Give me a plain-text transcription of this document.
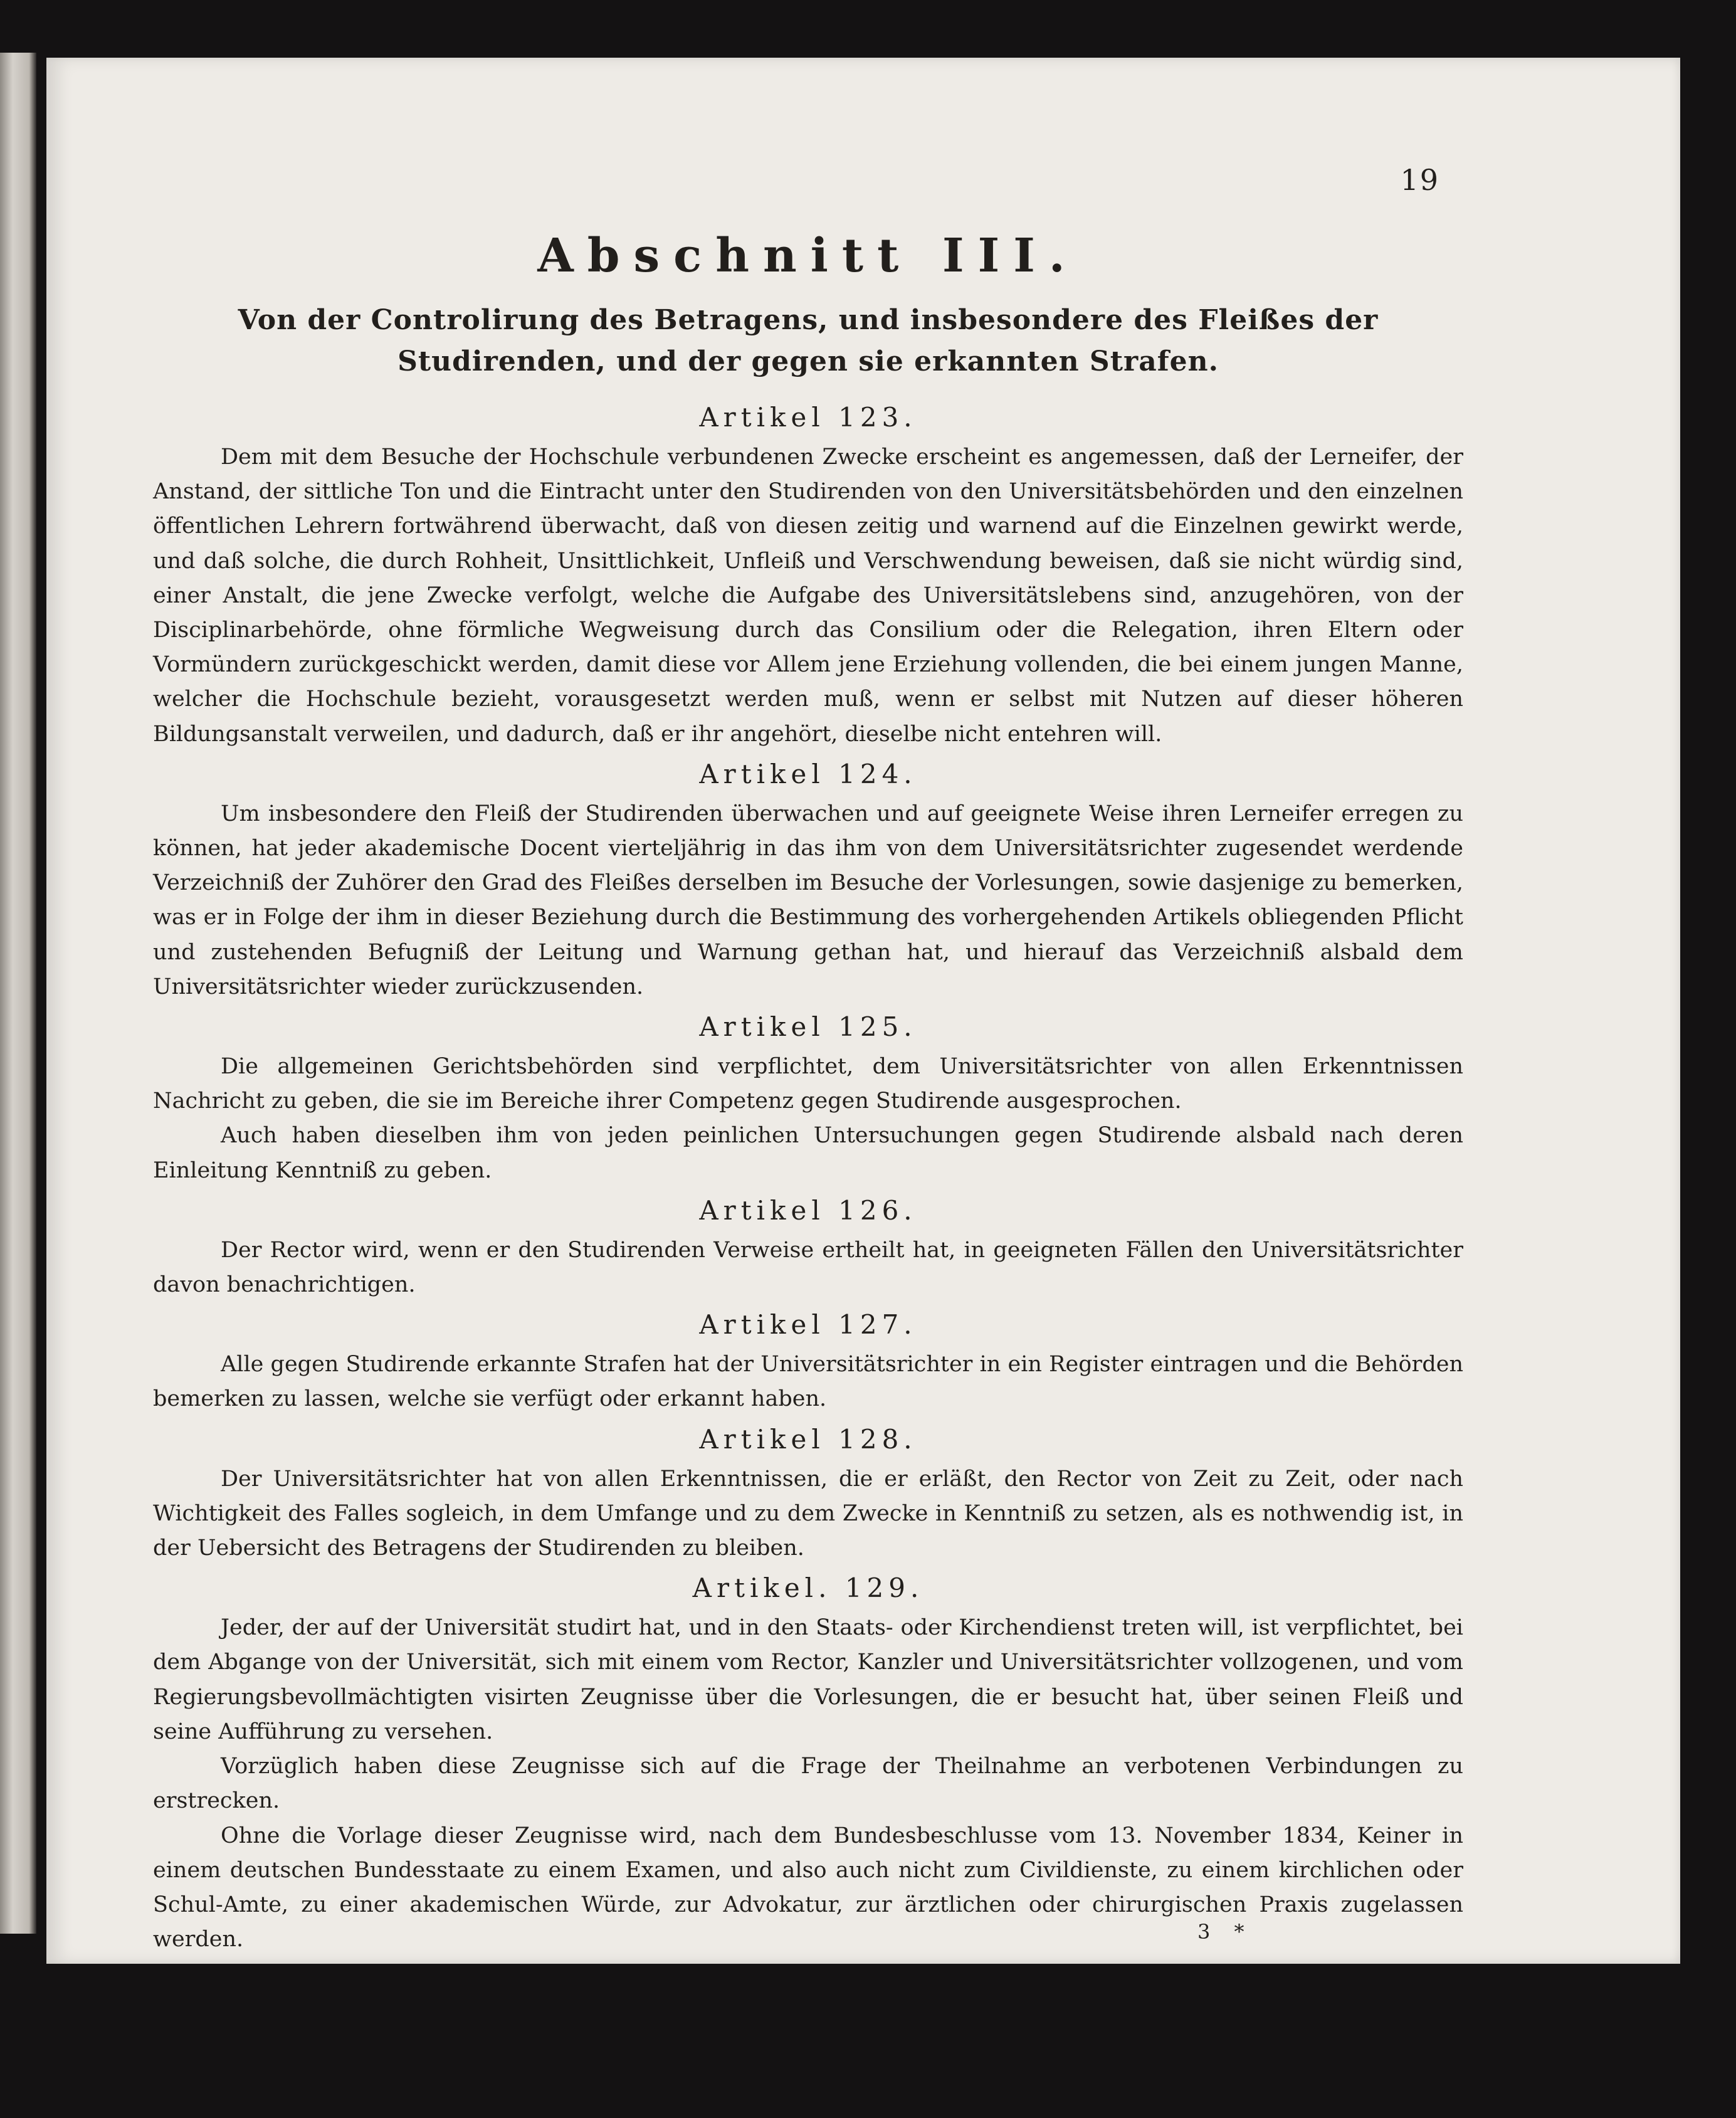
19
Abschnitt III.
Von der Controlirung des Betragens, und insbesondere des Fleißes der Studirenden, und der gegen sie erkannten Strafen.
Artikel 123.

Dem mit dem Besuche der Hochschule verbundenen Zwecke erscheint es angemessen, daß der Lerneifer, der Anstand, der sittliche Ton und die Eintracht unter den Studirenden von den Universitätsbehörden und den einzelnen öffentlichen Lehrern fortwährend überwacht, daß von diesen zeitig und warnend auf die Einzelnen gewirkt werde, und daß solche, die durch Rohheit, Unsittlichkeit, Unfleiß und Verschwendung beweisen, daß sie nicht würdig sind, einer Anstalt, die jene Zwecke verfolgt, welche die Aufgabe des Universitätslebens sind, anzugehören, von der Disciplinarbehörde, ohne förmliche Wegweisung durch das Consilium oder die Relegation, ihren Eltern oder Vormündern zurückgeschickt werden, damit diese vor Allem jene Erziehung vollenden, die bei einem jungen Manne, welcher die Hochschule bezieht, vorausgesetzt werden muß, wenn er selbst mit Nutzen auf dieser höheren Bildungsanstalt verweilen, und dadurch, daß er ihr angehört, dieselbe nicht entehren will.

Artikel 124.

Um insbesondere den Fleiß der Studirenden überwachen und auf geeignete Weise ihren Lerneifer erregen zu können, hat jeder akademische Docent vierteljährig in das ihm von dem Universitätsrichter zugesendet werdende Verzeichniß der Zuhörer den Grad des Fleißes derselben im Besuche der Vorlesungen, sowie dasjenige zu bemerken, was er in Folge der ihm in dieser Beziehung durch die Bestimmung des vorhergehenden Artikels obliegenden Pflicht und zustehenden Befugniß der Leitung und Warnung gethan hat, und hierauf das Verzeichniß alsbald dem Universitätsrichter wieder zurückzusenden.

Artikel 125.

Die allgemeinen Gerichtsbehörden sind verpflichtet, dem Universitätsrichter von allen Erkenntnissen Nachricht zu geben, die sie im Bereiche ihrer Competenz gegen Studirende ausgesprochen.

Auch haben dieselben ihm von jeden peinlichen Untersuchungen gegen Studirende alsbald nach deren Einleitung Kenntniß zu geben.

Artikel 126.

Der Rector wird, wenn er den Studirenden Verweise ertheilt hat, in geeigneten Fällen den Universitätsrichter davon benachrichtigen.

Artikel 127.

Alle gegen Studirende erkannte Strafen hat der Universitätsrichter in ein Register eintragen und die Behörden bemerken zu lassen, welche sie verfügt oder erkannt haben.

Artikel 128.

Der Universitätsrichter hat von allen Erkenntnissen, die er erläßt, den Rector von Zeit zu Zeit, oder nach Wichtigkeit des Falles sogleich, in dem Umfange und zu dem Zwecke in Kenntniß zu setzen, als es nothwendig ist, in der Uebersicht des Betragens der Studirenden zu bleiben.

Artikel. 129.

Jeder, der auf der Universität studirt hat, und in den Staats- oder Kirchendienst treten will, ist verpflichtet, bei dem Abgange von der Universität, sich mit einem vom Rector, Kanzler und Universitätsrichter vollzogenen, und vom Regierungsbevollmächtigten visirten Zeugnisse über die Vorlesungen, die er besucht hat, über seinen Fleiß und seine Aufführung zu versehen.

Vorzüglich haben diese Zeugnisse sich auf die Frage der Theilnahme an verbotenen Verbindungen zu erstrecken.

Ohne die Vorlage dieser Zeugnisse wird, nach dem Bundesbeschlusse vom 13. November 1834, Keiner in einem deutschen Bundesstaate zu einem Examen, und also auch nicht zum Civildienste, zu einem kirchlichen oder Schul-Amte, zu einer akademischen Würde, zur Advokatur, zur ärztlichen oder chirurgischen Praxis zugelassen werden.	3 *
